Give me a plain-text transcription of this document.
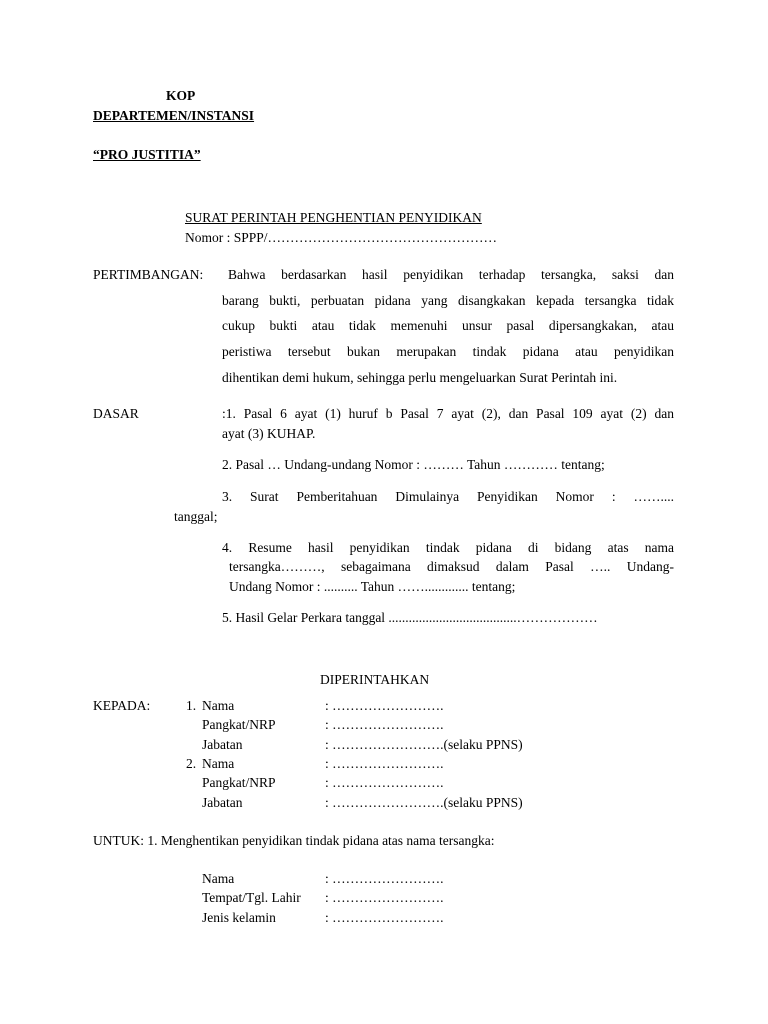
KOP
DEPARTEMEN/INSTANSI
“PRO JUSTITIA”
SURAT PERINTAH PENGHENTIAN PENYIDIKAN
Nomor : SPPP/……………………………………………
PERTIMBANGAN: Bahwa berdasarkan hasil penyidikan terhadap tersangka, saksi dan
barang bukti, perbuatan pidana yang disangkakan kepada tersangka tidak
cukup bukti atau tidak memenuhi unsur pasal dipersangkakan, atau
peristiwa tersebut bukan merupakan tindak pidana atau penyidikan
dihentikan demi hukum, sehingga perlu mengeluarkan Surat Perintah ini.
DASAR	:1. Pasal 6 ayat (1) huruf b Pasal 7 ayat (2), dan Pasal 109 ayat (2) dan
ayat (3) KUHAP.
2. Pasal … Undang-undang Nomor : ……… Tahun ………… tentang;
3. Surat Pemberitahuan Dimulainya Penyidikan Nomor : ……....
tanggal;
4. Resume hasil penyidikan tindak pidana di bidang atas nama
tersangka………, sebagaimana dimaksud dalam Pasal ….. Undang-
Undang Nomor : .......... Tahun ……............. tentang;
5. Hasil Gelar Perkara tanggal ......................................………………
DIPERINTAHKAN
KEPADA:	1. Nama	: …………………….
Pangkat/NRP	: …………………….
Jabatan	: …………………….(selaku PPNS)
2. Nama	: …………………….
Pangkat/NRP	: …………………….
Jabatan	: …………………….(selaku PPNS)
UNTUK: 1. Menghentikan penyidikan tindak pidana atas nama tersangka:
Nama	: …………………….
Tempat/Tgl. Lahir : …………………….
Jenis kelamin	: …………………….
